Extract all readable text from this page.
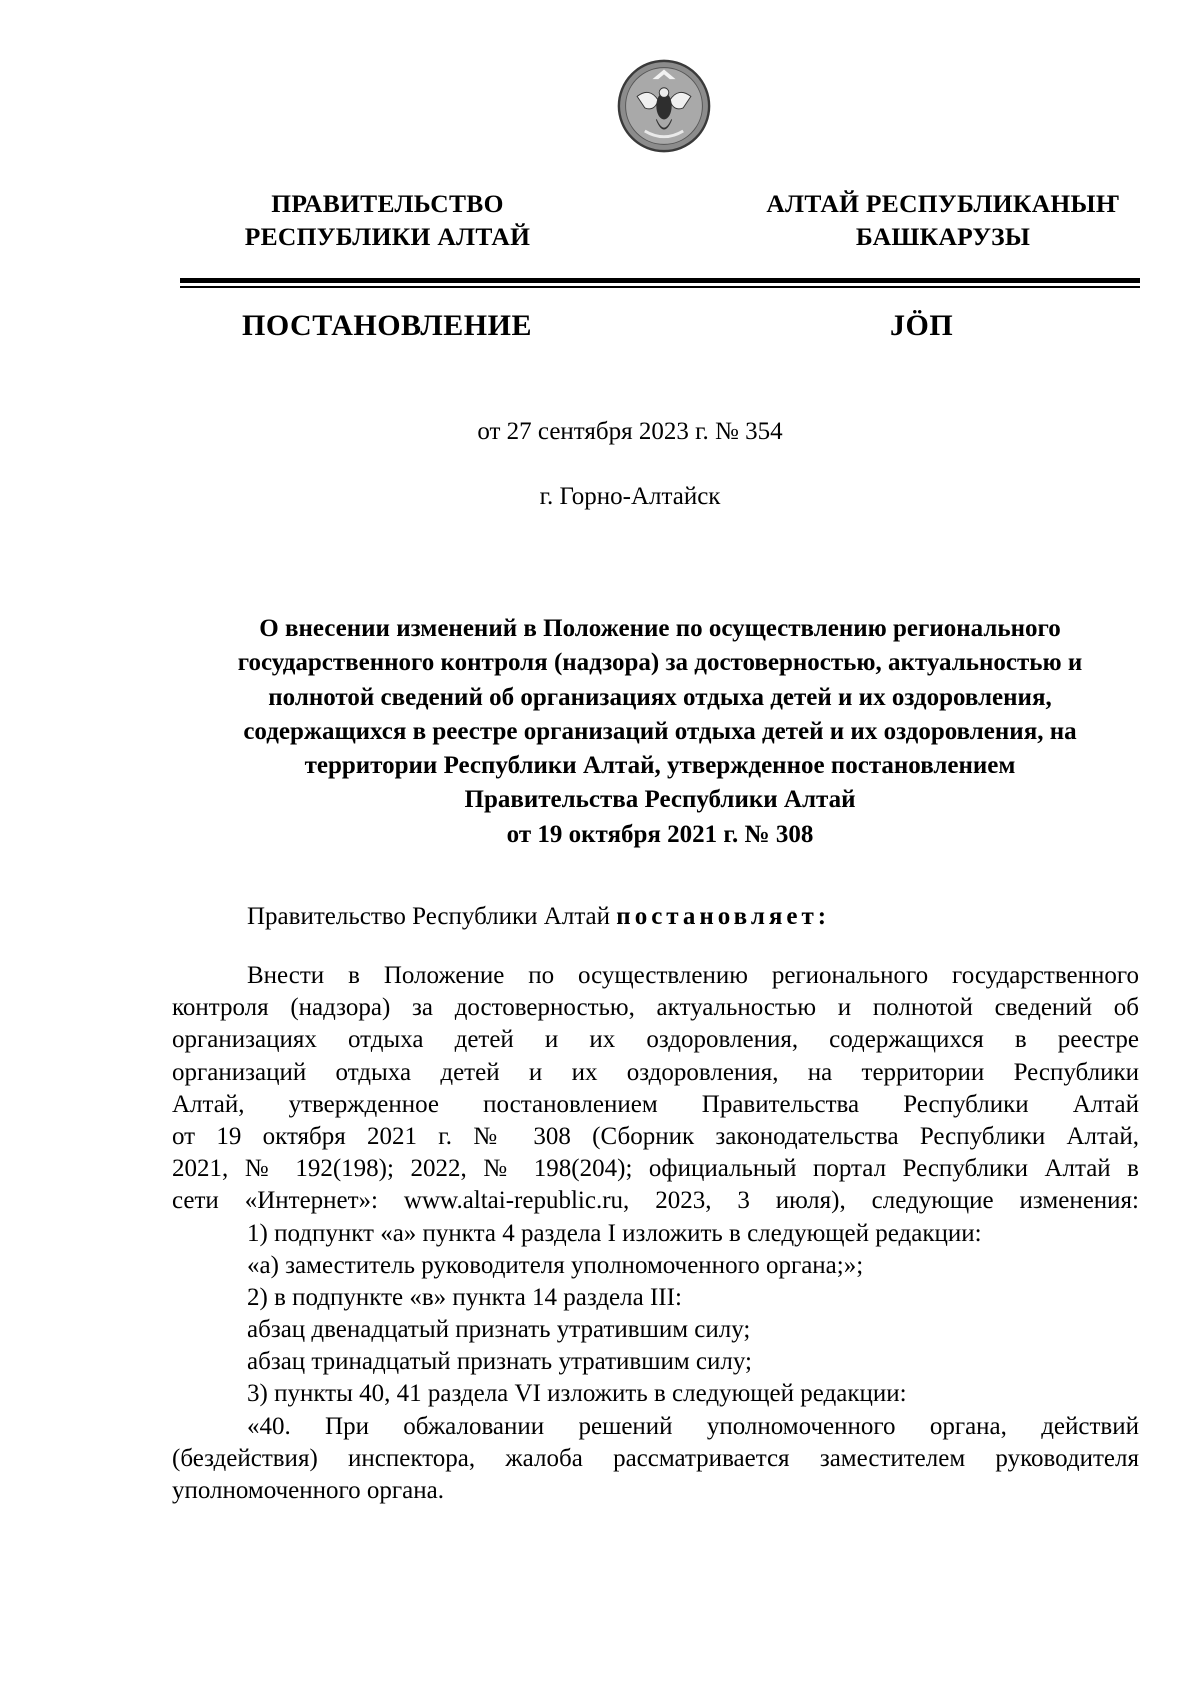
ПРАВИТЕЛЬСТВО
РЕСПУБЛИКИ АЛТАЙ
АЛТАЙ РЕСПУБЛИКАНЫҤ
БАШКАРУЗЫ
ПОСТАНОВЛЕНИЕ	JÖП
от 27 сентября 2023 г. № 354
г. Горно-Алтайск
О внесении изменений в Положение по осуществлению регионального
государственного контроля (надзора) за достоверностью, актуальностью и
полнотой сведений об организациях отдыха детей и их оздоровления,
содержащихся в реестре организаций отдыха детей и их оздоровления, на
территории Республики Алтай, утвержденное постановлением
Правительства Республики Алтай
от 19 октября 2021 г. № 308
Правительство Республики Алтай постановляет:
Внести в Положение по осуществлению регионального государственного
контроля (надзора) за достоверностью, актуальностью и полнотой сведений об
организациях отдыха детей и их оздоровления, содержащихся в реестре
организаций отдыха детей и их оздоровления, на территории Республики
Алтай, утвержденное постановлением Правительства Республики Алтай
от 19 октября 2021 г. № 308 (Сборник законодательства Республики Алтай,
2021, № 192(198); 2022, № 198(204); официальный портал Республики Алтай в
сети «Интернет»: www.altai-republic.ru, 2023, 3 июля), следующие изменения:
1) подпункт «а» пункта 4 раздела I изложить в следующей редакции:
«а) заместитель руководителя уполномоченного органа;»;
2) в подпункте «в» пункта 14 раздела III:
абзац двенадцатый признать утратившим силу;
абзац тринадцатый признать утратившим силу;
3) пункты 40, 41 раздела VI изложить в следующей редакции:
«40. При обжаловании решений уполномоченного органа, действий
(бездействия) инспектора, жалоба рассматривается заместителем руководителя
уполномоченного органа.
